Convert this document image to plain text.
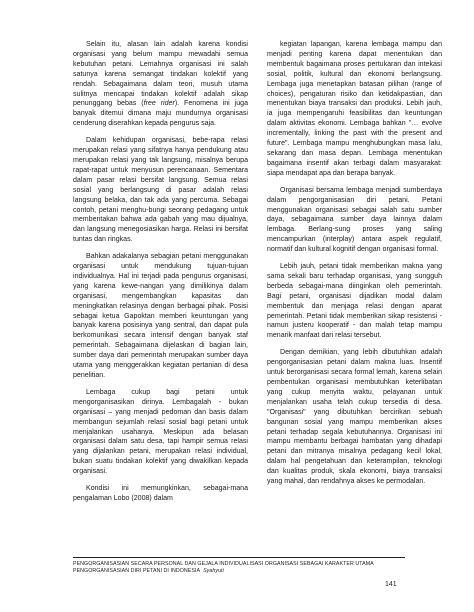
Selain itu, alasan lain adalah karena kondisi organisasi yang belum mampu mewadahi semua kebutuhan petani. Lemahnya organisasi ini salah satunya karena semangat tindakan kolektif yang rendah. Sebagaimana dalam teori, musuh utama sulitnya mencapai tindakan kolektif adalah sikap penunggang bebas (free rider). Fenomena ini juga banyak ditemui dimana maju mundurnya organisasi cenderung diserahkan kepada pengurus saja.

Dalam kehidupan organisasi, bebe-rapa relasi merupakan relasi yang sifatnya hanya pendukung atau merupakan relasi yang tak langsung, misalnya berupa rapat-rapat untuk menyusun perencanaan. Sementara dalam pasar relasi bersifat langsung. Semua relasi sosial yang berlangsung di pasar adalah relasi langsung belaka, dan tak ada yang percuma. Sebagai contoh, petani menghu-bungi seorang pedagang untuk memberitakan bahwa ada gabah yang mau dijualnya, dan langsung menegosiasikan harga. Relasi ini bersifat tuntas dan ringkas.

Bahkan adakalanya sebagian petani menggunakan organisasi untuk mendukung tujuan-tujuan individualnya. Hal ini terjadi pada pengurus organisasi, yang karena kewe-nangan yang dimilikinya dalam organisasi, mengembangkan kapasitas dan meningkatkan relasinya dengan berbagai pihak. Posisi sebagai ketua Gapoktan memberi keuntungan yang banyak karena posisinya yang sentral, dan dapat pula berkomunikasi secara intensif dengan banyak staf pemerintah. Sebagaimana dijelaskan di bagian lain, sumber daya dari pemerintah merupakan sumber daya utama yang menggerakkan kegiatan pertanian di desa penelitian.

Lembaga cukup bagi petani untuk mengorganisasikan dirinya. Lembagalah - bukan organisasi – yang menjadi pedoman dan basis dalam membangun sejumlah relasi sosial bagi petani untuk menjalankan usahanya. Meskipun ada belasan organisasi dalam satu desa, tapi hampir semua relasi yang dijalankan petani, merupakan relasi individual, bukan suatu tindakan kolektif yang diwakilkan kepada organisasi.

Kondisi ini memungkinkan, sebagai-mana pengalaman Lobo (2008) dalam

kegiatan lapangan, karena lembaga mampu dan menjadi penting karena dapat menentukan dan membentuk bagaimana proses pertukaran dan intekasi sosial, politik, kultural dan ekonomi berlangsung. Lembaga juga menetapkan batasan pilihan (range of choices), pengaturan risiko dan ketidakpastian, dan menentukan biaya transaksi dan produksi. Lebih jauh, ia juga mempengaruhi feasibilitas dan keuntungan dalam aktivitas ekonomi. Lembaga bahkan "… evolve incrementally, linking the past with the present and future". Lembaga mampu menghubungkan masa lalu, sekarang dan masa depan. Lembaga menentukan bagaimana insentif akan terbagi dalam masyarakat: siapa mendapat apa dan berapa banyak.

Organisasi bersama lembaga menjadi sumberdaya dalam pengorganisasian diri petani. Petani menggunakan organisasi sebagai salah satu sumber daya, sebagaimana sumber daya lainnya dalam lembaga. Berlang-sung proses yang saling mencampurkan (interplay) antara aspek regulatif, normatif dan kultural kognitif dengan organisasi formal.

Lebih jauh, petani tidak memberikan makna yang sama sekali baru terhadap organisasi, yang sungguh berbeda sebagai-mana diinginkan oleh pemerintah. Bagi petani, organisasi dijadikan modal dalam membentuk dan menjaga relasi dengan aparat pemerintah. Petani tidak memberikan sikap resistensi - namun justeru kooperatif - dan malah tetap mampu menarik manfaat dari relasi tersebut.

Dengan demikian, yang lebih dibutuhkan adalah pengorganisasian petani dalam makna luas. Insentif untuk berorganisasi secara formal lemah, karena selain pembentukan organisasi membutuhkan keterlibatan yang cukup menyita waktu, pelayanan untuk menjalankan usaha telah cukup tersedia di desa. "Organisasi" yang dibutuhkan bercirikan sebuah bangunan sosial yang mampu memberikan akses petani terhadap segala kebutuhannya. Organisasi ini mampu membantu berbagai hambatan yang dihadapi petani dan mitranya misalnya pedagang kecil lokal, dalam hal pengetahuan dan keterampilan, teknologi dan kualitas produk, skala ekonomi, biaya transaksi yang mahal, dan rendahnya akses ke permodalan.

PENGORGANISASIAN SECARA PERSONAL DAN GEJALA INDIVIDUALISASI ORGANISASI SEBAGAI KARAKTER UTAMA
PENGORGANISASIAN DIRI PETANI DI INDONESIA Syahyuti
141
